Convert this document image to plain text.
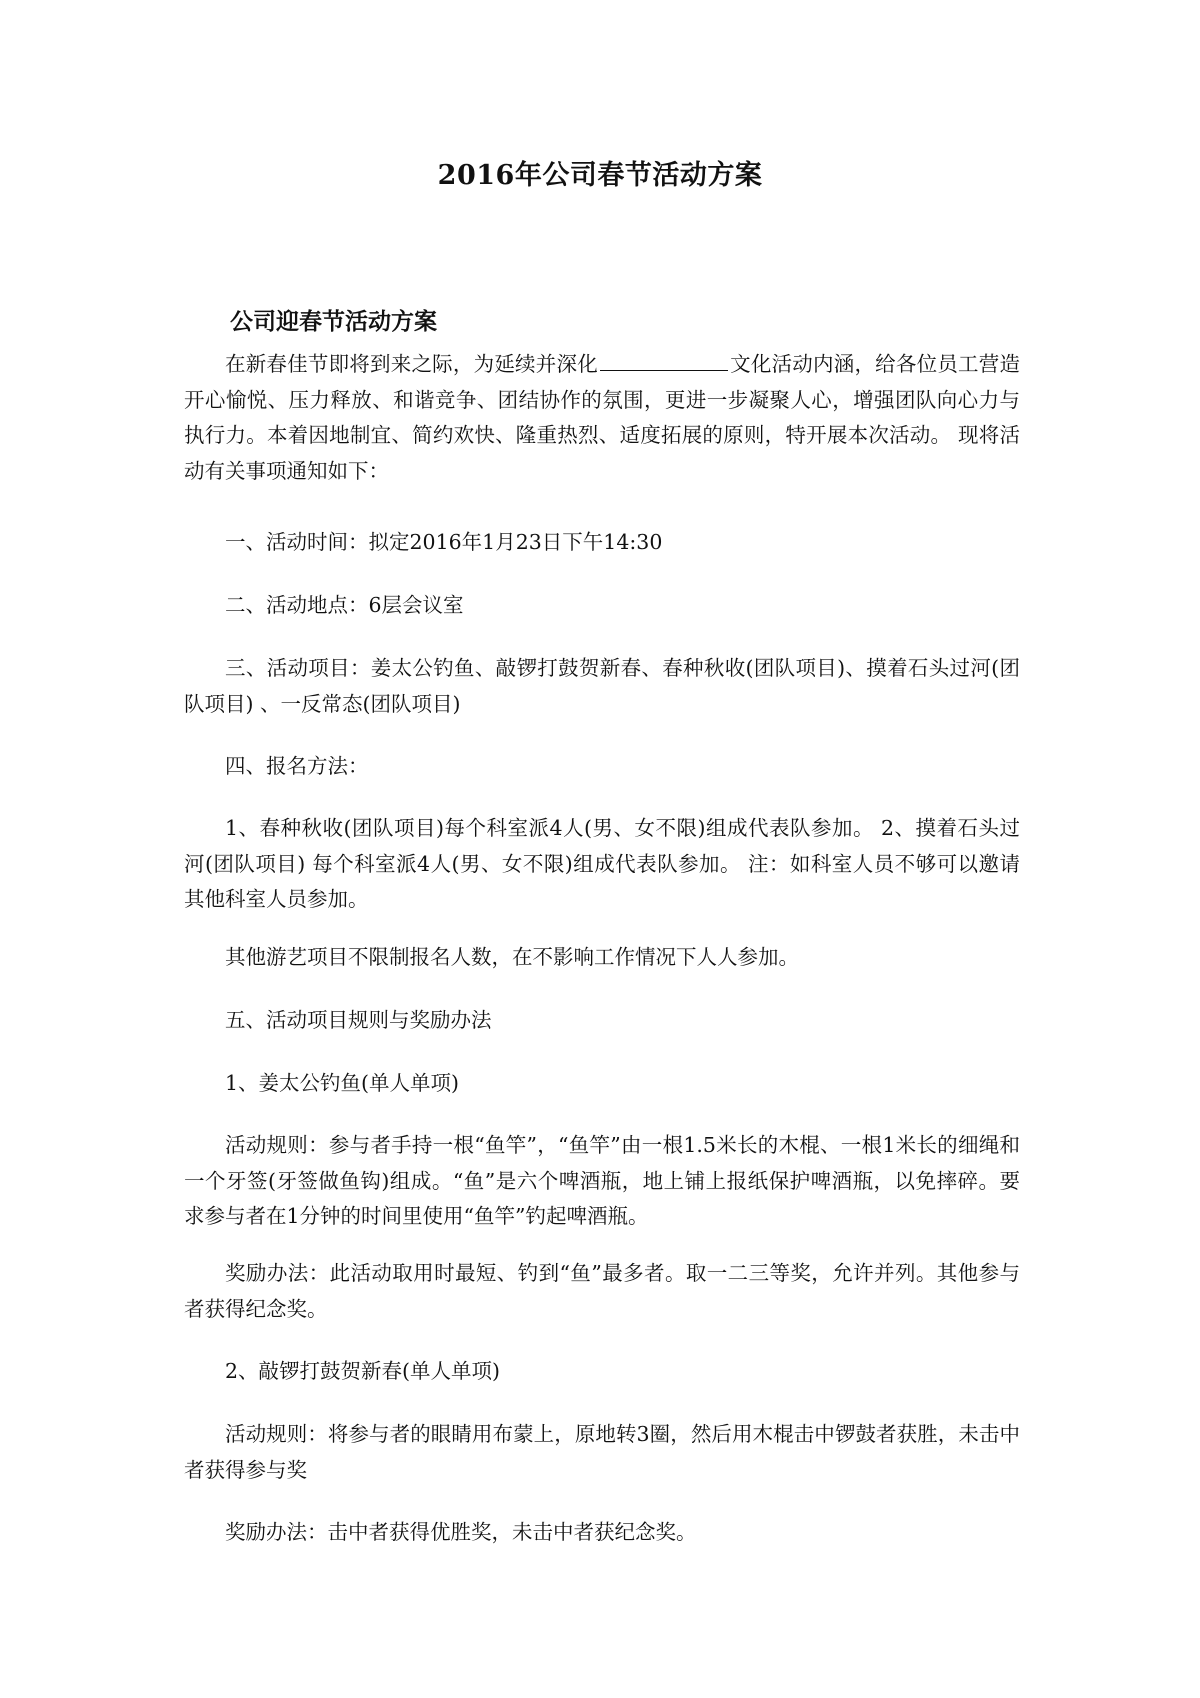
2016年公司春节活动方案
公司迎春节活动方案

在新春佳节即将到来之际，为延续并深化	文化活动内涵，给各位员工营造开心愉悦、压力释放、和谐竞争、团结协作的氛围，更进一步凝聚人心，增强团队向心力与执行力。本着因地制宜、简约欢快、隆重热烈、适度拓展的原则，特开展本次活动。 现将活动有关事项通知如下：

一、活动时间：拟定2016年1月23日下午14:30

二、活动地点：6层会议室

三、活动项目：姜太公钓鱼、敲锣打鼓贺新春、春种秋收(团队项目)、摸着石头过河(团队项目) 、一反常态(团队项目)

四、报名方法：

1、春种秋收(团队项目)每个科室派4人(男、女不限)组成代表队参加。 2、摸着石头过河(团队项目) 每个科室派4人(男、女不限)组成代表队参加。 注：如科室人员不够可以邀请其他科室人员参加。

其他游艺项目不限制报名人数，在不影响工作情况下人人参加。

五、活动项目规则与奖励办法

1、姜太公钓鱼(单人单项)

活动规则：参与者手持一根“鱼竿”，“鱼竿”由一根1.5米长的木棍、一根1米长的细绳和一个牙签(牙签做鱼钩)组成。“鱼”是六个啤酒瓶，地上铺上报纸保护啤酒瓶，以免摔碎。要求参与者在1分钟的时间里使用“鱼竿”钓起啤酒瓶。

奖励办法：此活动取用时最短、钓到“鱼”最多者。取一二三等奖，允许并列。其他参与者获得纪念奖。

2、敲锣打鼓贺新春(单人单项)

活动规则：将参与者的眼睛用布蒙上，原地转3圈，然后用木棍击中锣鼓者获胜，未击中者获得参与奖

奖励办法：击中者获得优胜奖，未击中者获纪念奖。
